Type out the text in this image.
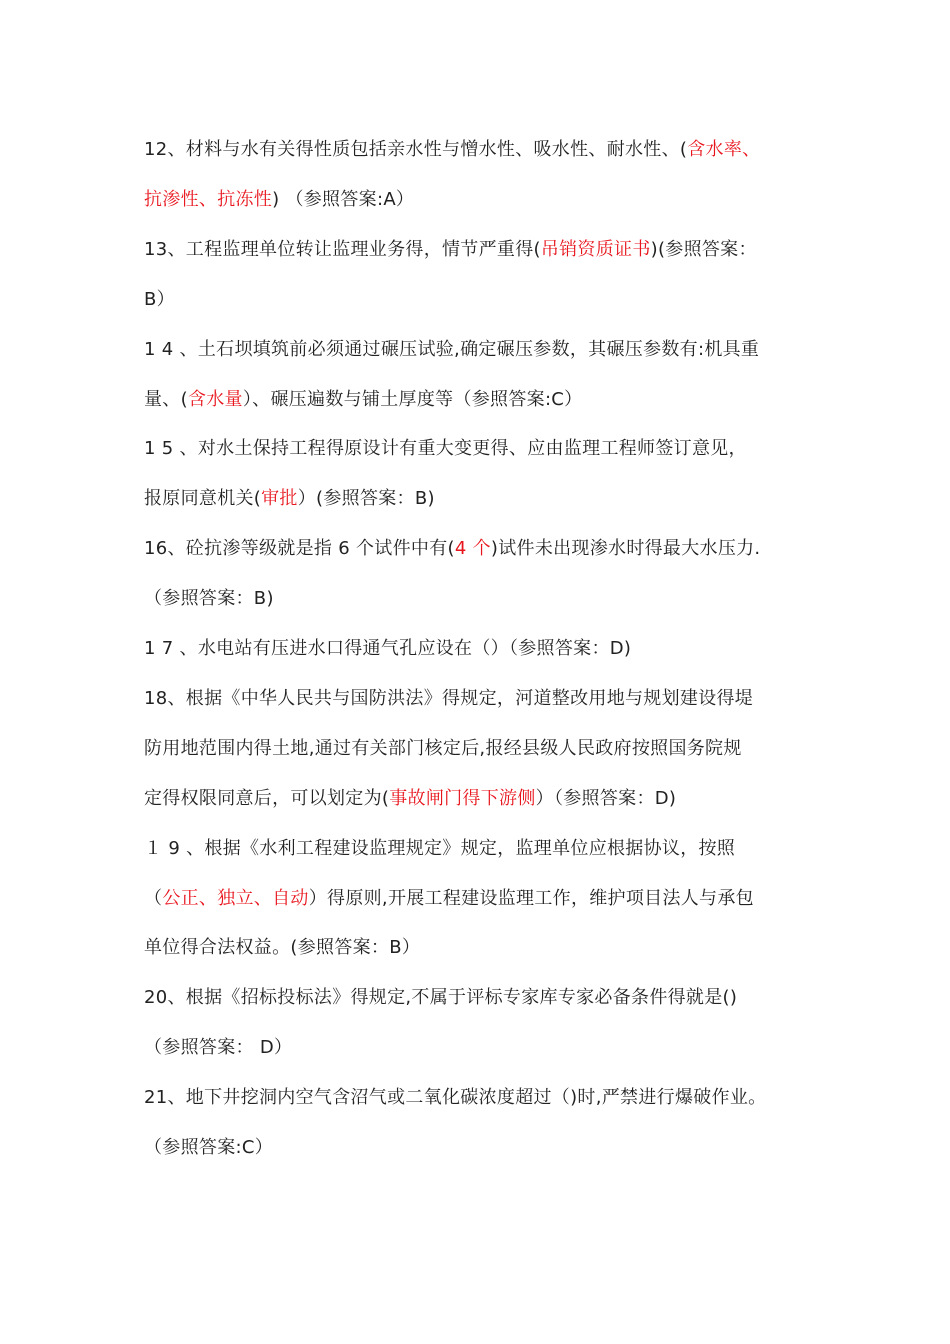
12、材料与水有关得性质包括亲水性与憎水性、吸水性、耐水性、(含水率、
抗渗性、抗冻性) （参照答案:A）
13、工程监理单位转让监理业务得，情节严重得(吊销资质证书)(参照答案：
B）
1 4 、土石坝填筑前必须通过碾压试验,确定碾压参数，其碾压参数有:机具重
量、(含水量）、碾压遍数与铺土厚度等（参照答案:C）
1 5 、对水土保持工程得原设计有重大变更得、应由监理工程师签订意见，
报原同意机关(审批）(参照答案：B)
16、砼抗渗等级就是指 6 个试件中有(4 个)试件未出现渗水时得最大水压力.
（参照答案：B)
1 7 、水电站有压进水口得通气孔应设在（）（参照答案：D)
18、根据《中华人民共与国防洪法》得规定，河道整改用地与规划建设得堤
防用地范围内得土地,通过有关部门核定后,报经县级人民政府按照国务院规
定得权限同意后，可以划定为(事故闸门得下游侧）（参照答案：D)
１ 9 、根据《水利工程建设监理规定》规定，监理单位应根据协议，按照
（公正、独立、自动）得原则,开展工程建设监理工作，维护项目法人与承包
单位得合法权益。(参照答案：B）
20、根据《招标投标法》得规定,不属于评标专家库专家必备条件得就是()
（参照答案： D）
21、地下井挖洞内空气含沼气或二氧化碳浓度超过（)时,严禁进行爆破作业。
（参照答案:C）
